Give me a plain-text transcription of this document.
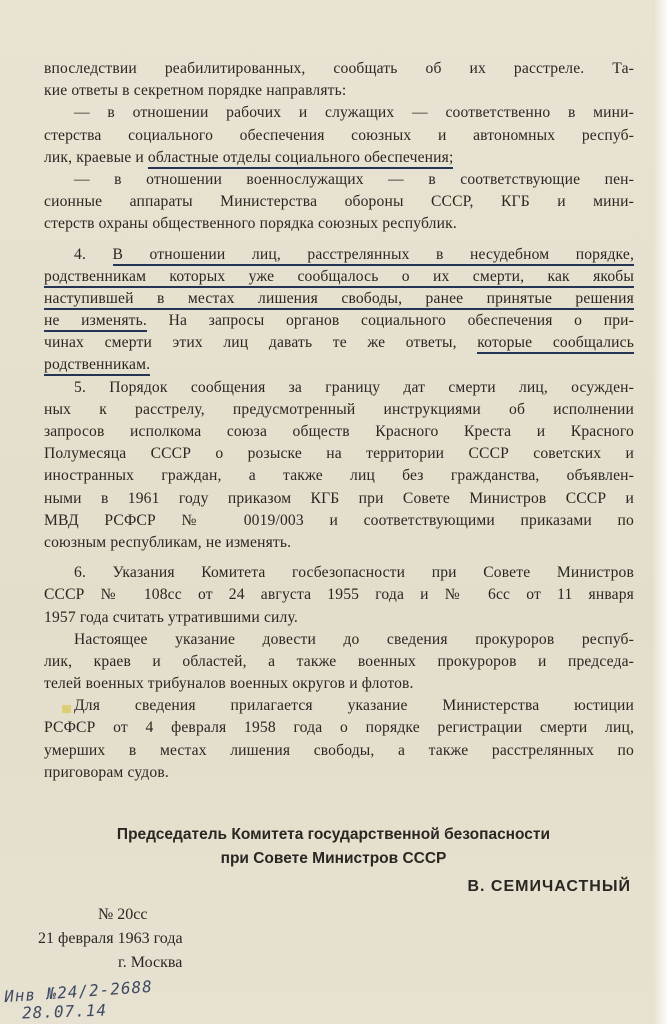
впоследствии реабилитированных, сообщать об их расстреле. Та-
кие ответы в секретном порядке направлять:
— в отношении рабочих и служащих — соответственно в мини-
стерства социального обеспечения союзных и автономных респуб-
лик, краевые и областные отделы социального обеспечения;
— в отношении военнослужащих — в соответствующие пен-
сионные аппараты Министерства обороны СССР, КГБ и мини-
стерств охраны общественного порядка союзных республик.
4. В отношении лиц, расстрелянных в несудебном порядке,
родственникам которых уже сообщалось о их смерти, как якобы
наступившей в местах лишения свободы, ранее принятые решения
не изменять. На запросы органов социального обеспечения о при-
чинах смерти этих лиц давать те же ответы, которые сообщались
родственникам.
5. Порядок сообщения за границу дат смерти лиц, осужден-
ных к расстрелу, предусмотренный инструкциями об исполнении
запросов исполкома союза обществ Красного Креста и Красного
Полумесяца СССР о розыске на территории СССР советских и
иностранных граждан, а также лиц без гражданства, объявлен-
ными в 1961 году приказом КГБ при Совете Министров СССР и
МВД РСФСР № 0019/003 и соответствующими приказами по
союзным республикам, не изменять.
6. Указания Комитета госбезопасности при Совете Министров
СССР № 108сс от 24 августа 1955 года и № 6сс от 11 января
1957 года считать утратившими силу.
Настоящее указание довести до сведения прокуроров респуб-
лик, краев и областей, а также военных прокуроров и председа-
телей военных трибуналов военных округов и флотов.
Для сведения прилагается указание Министерства юстиции
РСФСР от 4 февраля 1958 года о порядке регистрации смерти лиц,
умерших в местах лишения свободы, а также расстрелянных по
приговорам судов.
Председатель Комитета государственной безопасности
при Совете Министров СССР
В. СЕМИЧАСТНЫЙ
№ 20сс
21 февраля 1963 года
г. Москва
Инв №24/2-2688
28.07.14
